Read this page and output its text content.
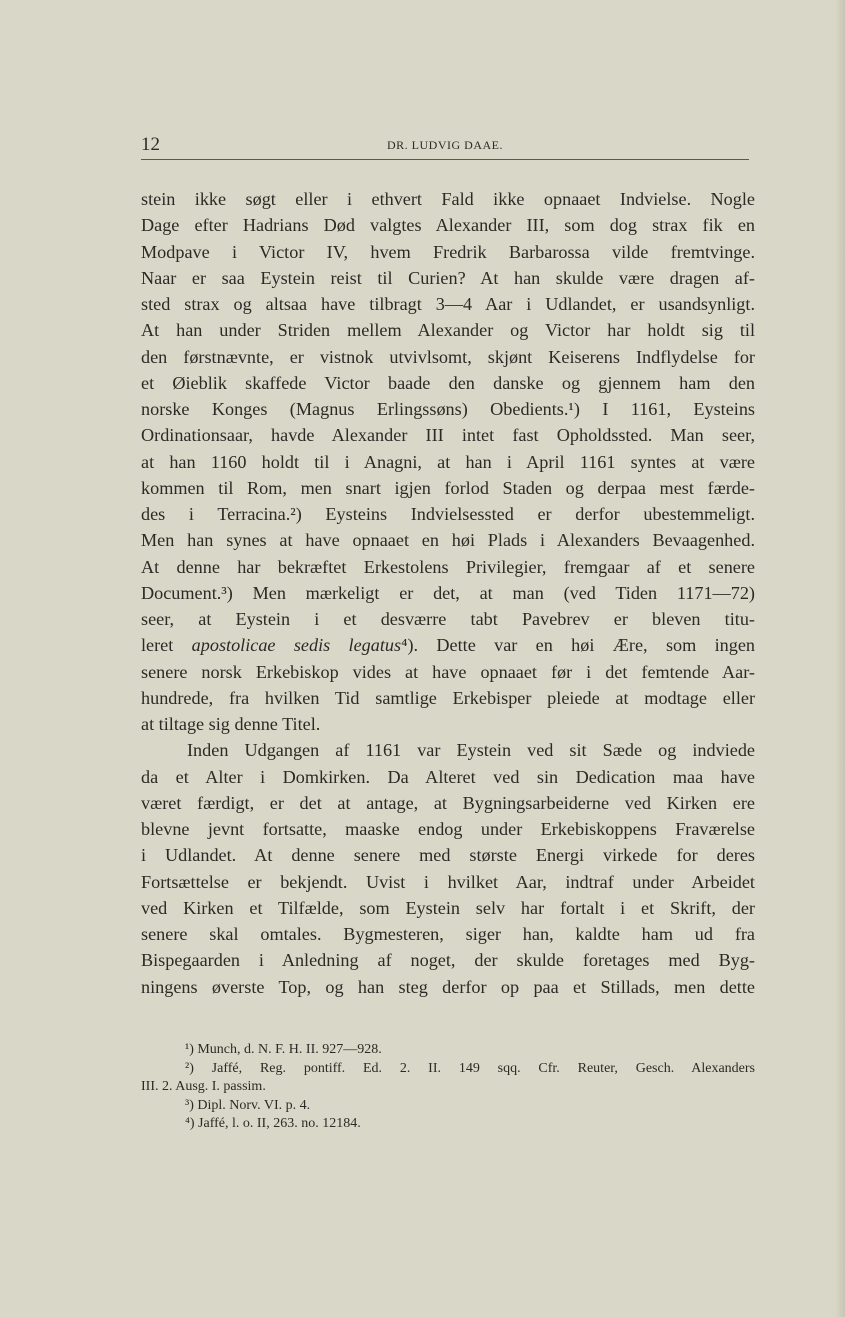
12	DR. LUDVIG DAAE.
stein ikke søgt eller i ethvert Fald ikke opnaaet Indvielse. Nogle
Dage efter Hadrians Død valgtes Alexander III, som dog strax fik en
Modpave i Victor IV, hvem Fredrik Barbarossa vilde fremtvinge.
Naar er saa Eystein reist til Curien? At han skulde være dragen af-
sted strax og altsaa have tilbragt 3—4 Aar i Udlandet, er usandsynligt.
At han under Striden mellem Alexander og Victor har holdt sig til
den førstnævnte, er vistnok utvivlsomt, skjønt Keiserens Indflydelse for
et Øieblik skaffede Victor baade den danske og gjennem ham den
norske Konges (Magnus Erlingssøns) Obedients.¹) I 1161, Eysteins
Ordinationsaar, havde Alexander III intet fast Opholdssted. Man seer,
at han 1160 holdt til i Anagni, at han i April 1161 syntes at være
kommen til Rom, men snart igjen forlod Staden og derpaa mest færde-
des i Terracina.²) Eysteins Indvielsessted er derfor ubestemmeligt.
Men han synes at have opnaaet en høi Plads i Alexanders Bevaagenhed.
At denne har bekræftet Erkestolens Privilegier, fremgaar af et senere
Document.³) Men mærkeligt er det, at man (ved Tiden 1171—72)
seer, at Eystein i et desværre tabt Pavebrev er bleven titu-
leret apostolicae sedis legatus⁴). Dette var en høi Ære, som ingen
senere norsk Erkebiskop vides at have opnaaet før i det femtende Aar-
hundrede, fra hvilken Tid samtlige Erkebisper pleiede at modtage eller
at tiltage sig denne Titel.
Inden Udgangen af 1161 var Eystein ved sit Sæde og indviede
da et Alter i Domkirken. Da Alteret ved sin Dedication maa have
været færdigt, er det at antage, at Bygningsarbeiderne ved Kirken ere
blevne jevnt fortsatte, maaske endog under Erkebiskoppens Fraværelse
i Udlandet. At denne senere med største Energi virkede for deres
Fortsættelse er bekjendt. Uvist i hvilket Aar, indtraf under Arbeidet
ved Kirken et Tilfælde, som Eystein selv har fortalt i et Skrift, der
senere skal omtales. Bygmesteren, siger han, kaldte ham ud fra
Bispegaarden i Anledning af noget, der skulde foretages med Byg-
ningens øverste Top, og han steg derfor op paa et Stillads, men dette
¹) Munch, d. N. F. H. II. 927—928.
²) Jaffé, Reg. pontiff. Ed. 2. II. 149 sqq. Cfr. Reuter, Gesch. Alexanders
III. 2. Ausg. I. passim.
³) Dipl. Norv. VI. p. 4.
⁴) Jaffé, l. o. II, 263. no. 12184.
